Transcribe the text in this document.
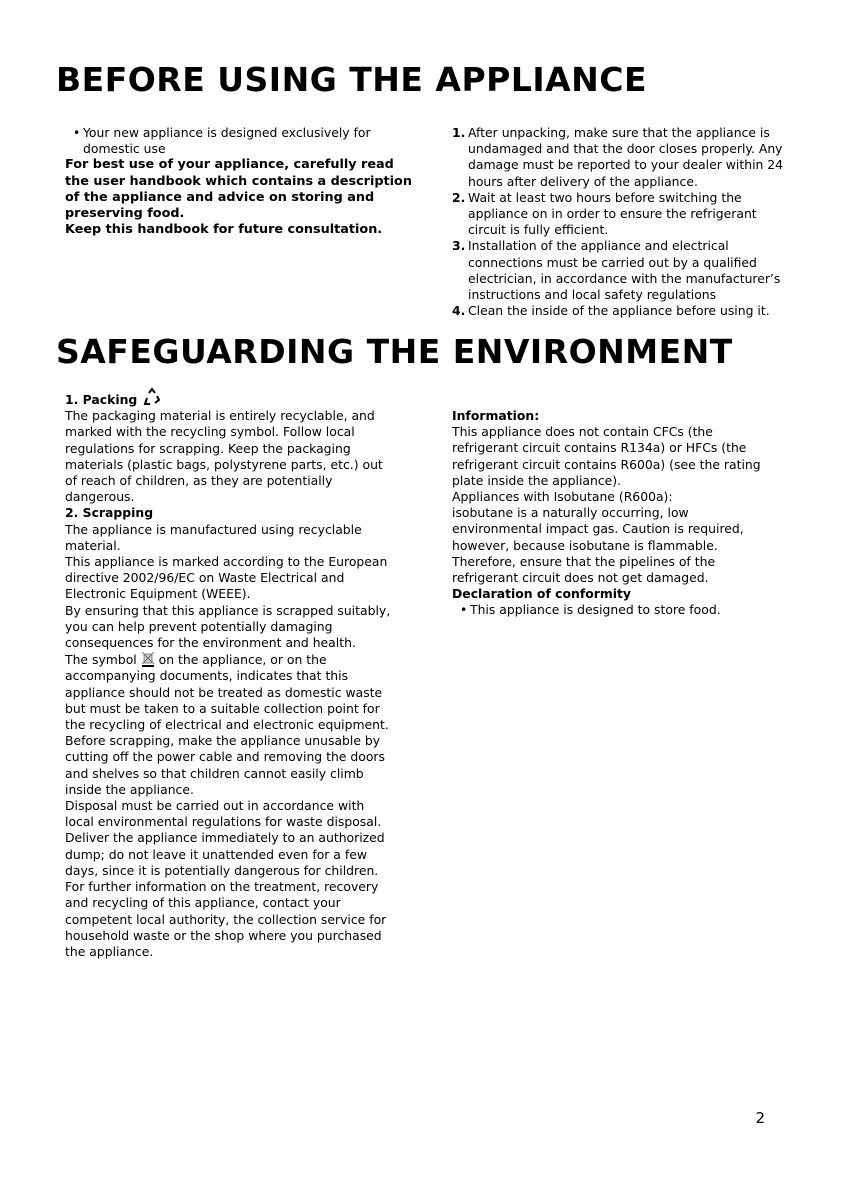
BEFORE USING THE APPLIANCE
• Your new appliance is designed exclusively for domestic use

For best use of your appliance, carefully read the user handbook which contains a description of the appliance and advice on storing and preserving food.

Keep this handbook for future consultation.

1. After unpacking, make sure that the appliance is undamaged and that the door closes properly. Any damage must be reported to your dealer within 24 hours after delivery of the appliance.
2. Wait at least two hours before switching the appliance on in order to ensure the refrigerant circuit is fully efficient.
3. Installation of the appliance and electrical connections must be carried out by a qualified electrician, in accordance with the manufacturer’s instructions and local safety regulations
4. Clean the inside of the appliance before using it.
SAFEGUARDING THE ENVIRONMENT

1. Packing

The packaging material is entirely recyclable, and marked with the recycling symbol. Follow local regulations for scrapping. Keep the packaging materials (plastic bags, polystyrene parts, etc.) out of reach of children, as they are potentially dangerous.

2. Scrapping

The appliance is manufactured using recyclable material.

This appliance is marked according to the European directive 2002/96/EC on Waste Electrical and Electronic Equipment (WEEE).

By ensuring that this appliance is scrapped suitably, you can help prevent potentially damaging consequences for the environment and health.

The symbol on the appliance, or on the accompanying documents, indicates that this appliance should not be treated as domestic waste but must be taken to a suitable collection point for the recycling of electrical and electronic equipment.

Before scrapping, make the appliance unusable by cutting off the power cable and removing the doors and shelves so that children cannot easily climb inside the appliance.

Disposal must be carried out in accordance with local environmental regulations for waste disposal. Deliver the appliance immediately to an authorized dump; do not leave it unattended even for a few days, since it is potentially dangerous for children.

For further information on the treatment, recovery and recycling of this appliance, contact your competent local authority, the collection service for household waste or the shop where you purchased the appliance.

Information:

This appliance does not contain CFCs (the refrigerant circuit contains R134a) or HFCs (the refrigerant circuit contains R600a) (see the rating plate inside the appliance).

Appliances with Isobutane (R600a):

isobutane is a naturally occurring, low environmental impact gas. Caution is required, however, because isobutane is flammable. Therefore, ensure that the pipelines of the refrigerant circuit does not get damaged.

Declaration of conformity

• This appliance is designed to store food.
2
